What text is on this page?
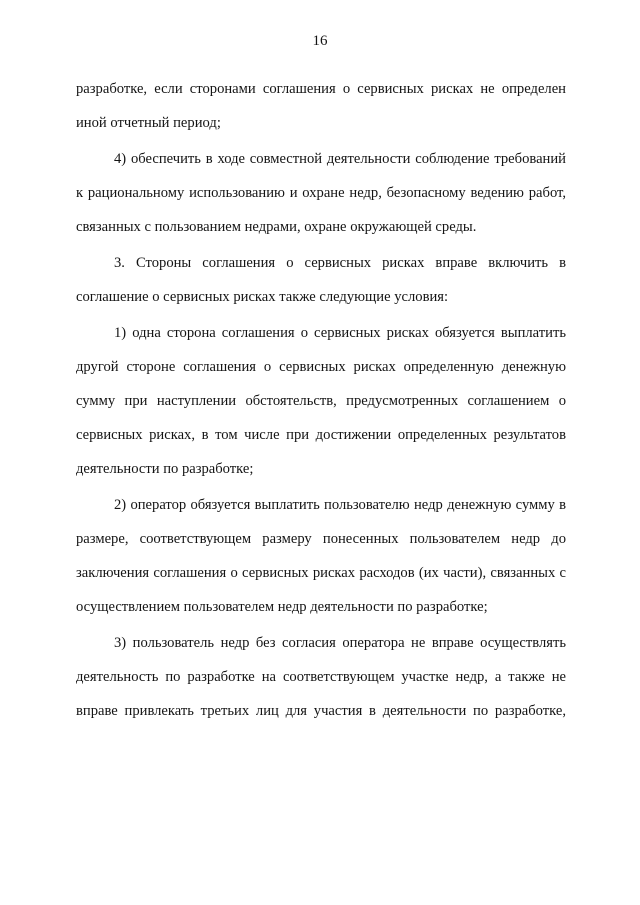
16

разработке, если сторонами соглашения о сервисных рисках не определен иной отчетный период;

4) обеспечить в ходе совместной деятельности соблюдение требований к рациональному использованию и охране недр, безопасному ведению работ, связанных с пользованием недрами, охране окружающей среды.

3. Стороны соглашения о сервисных рисках вправе включить в соглашение о сервисных рисках также следующие условия:

1) одна сторона соглашения о сервисных рисках обязуется выплатить другой стороне соглашения о сервисных рисках определенную денежную сумму при наступлении обстоятельств, предусмотренных соглашением о сервисных рисках, в том числе при достижении определенных результатов деятельности по разработке;

2) оператор обязуется выплатить пользователю недр денежную сумму в размере, соответствующем размеру понесенных пользователем недр до заключения соглашения о сервисных рисках расходов (их части), связанных с осуществлением пользователем недр деятельности по разработке;

3) пользователь недр без согласия оператора не вправе осуществлять деятельность по разработке на соответствующем участке недр, а также не вправе привлекать третьих лиц для участия в деятельности по разработке,
